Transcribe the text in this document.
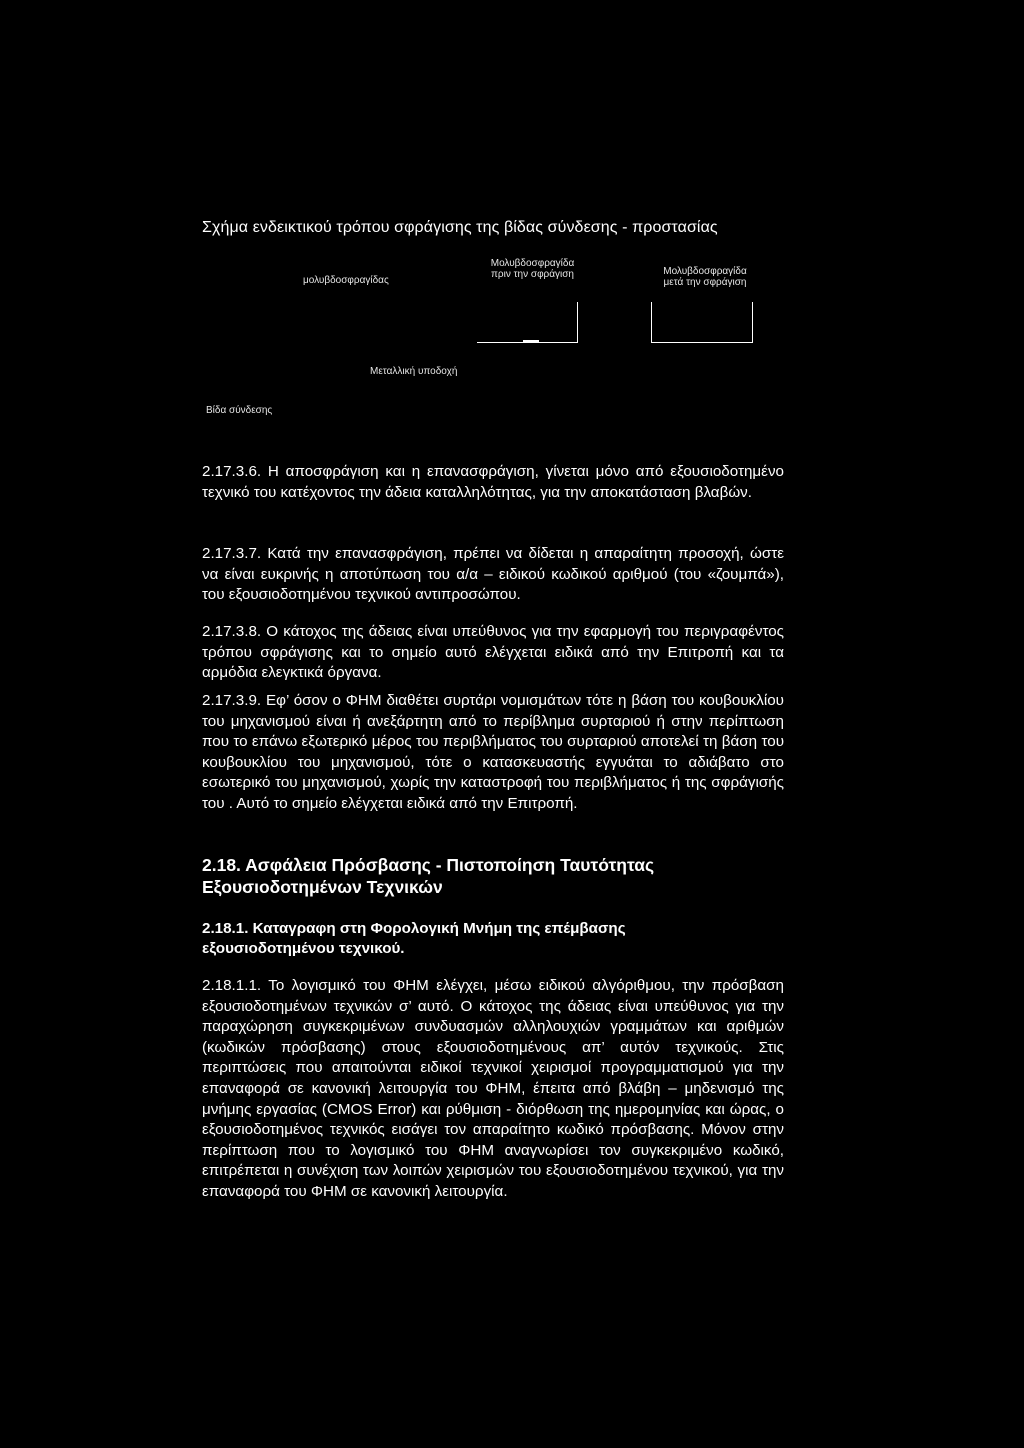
Σχήμα ενδεικτικού τρόπου σφράγισης της βίδας σύνδεσης - προστασίας
μολυβδοσφραγίδας
Μολυβδοσφραγίδα
πριν την σφράγιση	Μολυβδοσφραγίδα
μετά την σφράγιση
Μεταλλική υποδοχή
Βίδα σύνδεσης
2.17.3.6. Η αποσφράγιση και η επανασφράγιση, γίνεται μόνο από εξουσιοδοτημένο τεχνικό του κατέχοντος την άδεια καταλληλότητας, για την αποκατάσταση βλαβών.
2.17.3.7. Κατά την επανασφράγιση, πρέπει να δίδεται η απαραίτητη προσοχή, ώστε να είναι ευκρινής η αποτύπωση του α/α – ειδικού κωδικού αριθμού (του «ζουμπά»), του εξουσιοδοτημένου τεχνικού αντιπροσώπου.
2.17.3.8. Ο κάτοχος της άδειας είναι υπεύθυνος για την εφαρμογή του περιγραφέντος τρόπου σφράγισης και το σημείο αυτό ελέγχεται ειδικά από την Επιτροπή και τα αρμόδια ελεγκτικά όργανα.
2.17.3.9. Εφ’ όσον ο ΦΗΜ διαθέτει συρτάρι νομισμάτων τότε η βάση του κουβουκλίου του μηχανισμού είναι ή ανεξάρτητη από το περίβλημα συρταριού ή στην περίπτωση που το επάνω εξωτερικό μέρος του περιβλήματος του συρταριού αποτελεί τη βάση του κουβουκλίου του μηχανισμού, τότε ο κατασκευαστής εγγυάται το αδιάβατο στο εσωτερικό του μηχανισμού, χωρίς την καταστροφή του περιβλήματος ή της σφράγισής του . Αυτό το σημείο ελέγχεται ειδικά από την Επιτροπή.
2.18. Ασφάλεια Πρόσβασης - Πιστοποίηση Ταυτότητας
Εξουσιοδοτημένων Τεχνικών
2.18.1. Καταγραφη στη Φορολογική Μνήμη της επέμβασης
εξουσιοδοτημένου τεχνικού.
2.18.1.1. Το λογισμικό του ΦΗΜ ελέγχει, μέσω ειδικού αλγόριθμου, την πρόσβαση εξουσιοδοτημένων τεχνικών σ’ αυτό. Ο κάτοχος της άδειας είναι υπεύθυνος για την παραχώρηση συγκεκριμένων συνδυασμών αλληλουχιών γραμμάτων και αριθμών (κωδικών πρόσβασης) στους εξουσιοδοτημένους απ’ αυτόν τεχνικούς. Στις περιπτώσεις που απαιτούνται ειδικοί τεχνικοί χειρισμοί προγραμματισμού για την επαναφορά σε κανονική λειτουργία του ΦΗΜ, έπειτα από βλάβη – μηδενισμό της μνήμης εργασίας (CMOS Error) και ρύθμιση - διόρθωση της ημερομηνίας και ώρας, ο εξουσιοδοτημένος τεχνικός εισάγει τον απαραίτητο κωδικό πρόσβασης. Μόνον στην περίπτωση που το λογισμικό του ΦΗΜ αναγνωρίσει τον συγκεκριμένο κωδικό, επιτρέπεται η συνέχιση των λοιπών χειρισμών του εξουσιοδοτημένου τεχνικού, για την επαναφορά του ΦΗΜ σε κανονική λειτουργία.
